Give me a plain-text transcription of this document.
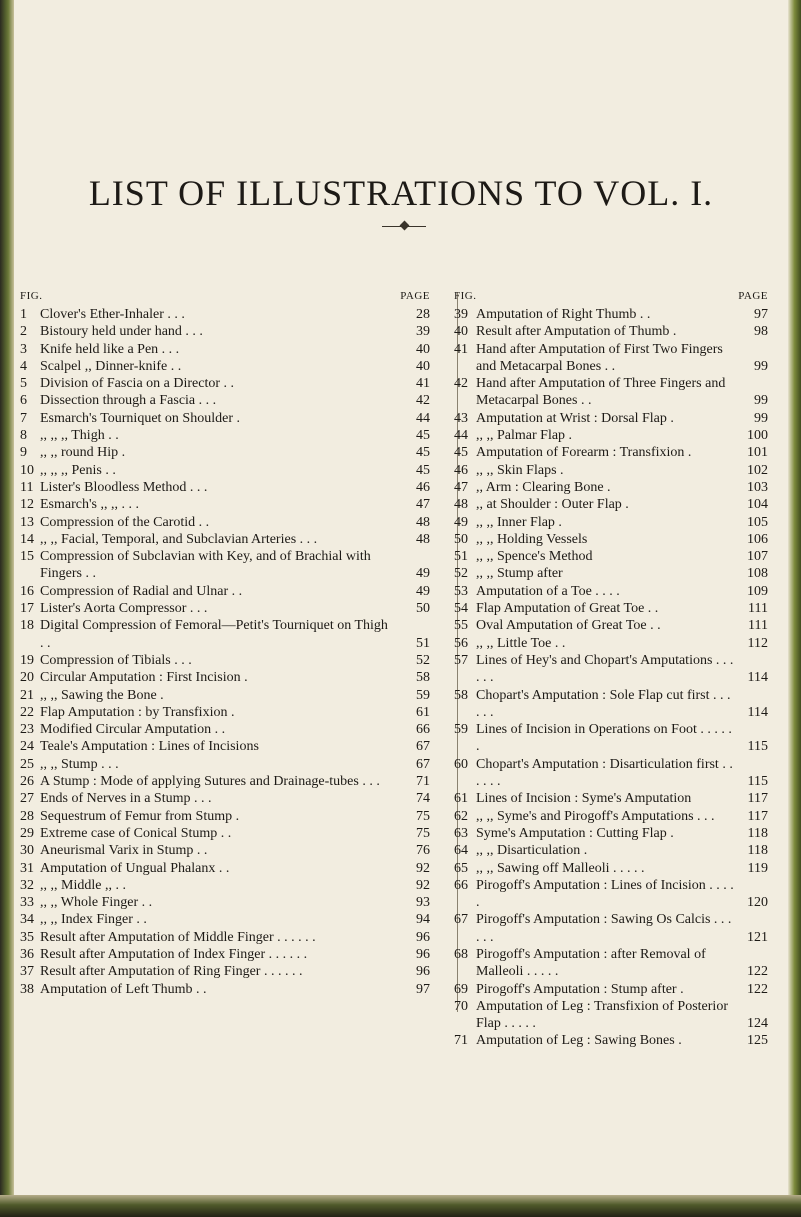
LIST OF ILLUSTRATIONS TO VOL. I.
FIG.	PAGE
1 Clover's Ether-Inhaler . . .	28
2 Bistoury held under hand . . .	39
3 Knife held like a Pen . . .	40
4 Scalpel ,, Dinner-knife . .	40
5 Division of Fascia on a Director . .	41
6 Dissection through a Fascia . . .	42
7 Esmarch's Tourniquet on Shoulder .	44
8 ,, ,, ,, Thigh . .	45
9 ,, ,, round Hip .	45
10 ,, ,, ,, Penis . .	45
11 Lister's Bloodless Method . . .	46
12 Esmarch's ,, ,, . . .	47
13 Compression of the Carotid . .	48
14 ,, ,, Facial, Temporal, and Subclavian Arteries . . .	48
15 Compression of Subclavian with Key, and of Brachial with Fingers . .	49
16 Compression of Radial and Ulnar . .	49
17 Lister's Aorta Compressor . . .	50
18 Digital Compression of Femoral—Petit's Tourniquet on Thigh . .	51
19 Compression of Tibials . . .	52
20 Circular Amputation : First Incision .	58
21 ,, ,, Sawing the Bone .	59
22 Flap Amputation : by Transfixion .	61
23 Modified Circular Amputation . .	66
24 Teale's Amputation : Lines of Incisions	67
25 ,, ,, Stump . . .	67
26 A Stump : Mode of applying Sutures and Drainage-tubes . . .	71
27 Ends of Nerves in a Stump . . .	74
28 Sequestrum of Femur from Stump .	75
29 Extreme case of Conical Stump . .	75
30 Aneurismal Varix in Stump . .	76
31 Amputation of Ungual Phalanx . .	92
32 ,, ,, Middle ,, . .	92
33 ,, ,, Whole Finger . .	93
34 ,, ,, Index Finger . .	94
35 Result after Amputation of Middle Finger . . . . . .	96
36 Result after Amputation of Index Finger . . . . . .	96
37 Result after Amputation of Ring Finger . . . . . .	96
38 Amputation of Left Thumb . .	97
FIG.	PAGE
39 Amputation of Right Thumb . .	97
40 Result after Amputation of Thumb .	98
41 Hand after Amputation of First Two Fingers and Metacarpal Bones . .	99
42 Hand after Amputation of Three Fingers and Metacarpal Bones . .	99
43 Amputation at Wrist : Dorsal Flap .	99
44 ,, ,, Palmar Flap .	100
45 Amputation of Forearm : Transfixion .	101
46 ,, ,, Skin Flaps .	102
47 ,, Arm : Clearing Bone .	103
48 ,, at Shoulder : Outer Flap .	104
49 ,, ,, Inner Flap .	105
50 ,, ,, Holding Vessels	106
51 ,, ,, Spence's Method	107
52 ,, ,, Stump after	108
53 Amputation of a Toe . . . .	109
54 Flap Amputation of Great Toe . .	111
55 Oval Amputation of Great Toe . .	111
56 ,, ,, Little Toe . .	112
57 Lines of Hey's and Chopart's Amputations . . . . . .	114
58 Chopart's Amputation : Sole Flap cut first . . . . . .	114
59 Lines of Incision in Operations on Foot . . . . . .	115
60 Chopart's Amputation : Disarticulation first . . . . . .	115
61 Lines of Incision : Syme's Amputation	117
62 ,, ,, Syme's and Pirogoff's Amputations . . .	117
63 Syme's Amputation : Cutting Flap .	118
64 ,, ,, Disarticulation .	118
65 ,, ,, Sawing off Malleoli . . . . .	119
66 Pirogoff's Amputation : Lines of Incision . . . . .	120
67 Pirogoff's Amputation : Sawing Os Calcis . . . . . .	121
68 Pirogoff's Amputation : after Removal of Malleoli . . . . .	122
69 Pirogoff's Amputation : Stump after .	122
70 Amputation of Leg : Transfixion of Posterior Flap . . . . .	124
71 Amputation of Leg : Sawing Bones .	125
